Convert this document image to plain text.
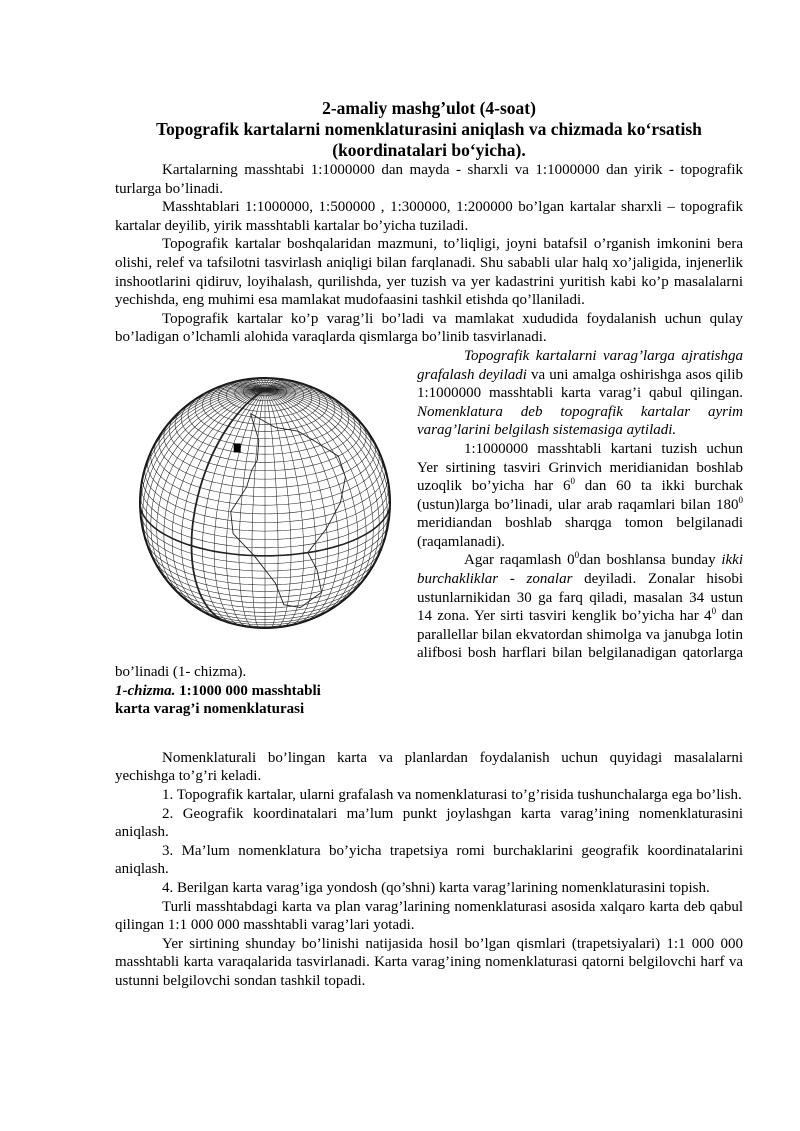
2-amaliy mashg’ulot (4-soat)

Topografik kartalarni nomenklaturasini aniqlash va chizmada koʻrsatish

(koordinatalari boʻyicha).

Kartalarning masshtabi 1:1000000 dan mayda - sharxli va 1:1000000 dan yirik - topografik turlarga bo’linadi.

Masshtablari 1:1000000, 1:500000 , 1:300000, 1:200000 bo’lgan kartalar sharxli – topografik kartalar deyilib, yirik masshtabli kartalar bo’yicha tuziladi.

Topografik kartalar boshqalaridan mazmuni, to’liqligi, joyni batafsil o’rganish imkonini bera olishi, relef va tafsilotni tasvirlash aniqligi bilan farqlanadi. Shu sababli ular halq xo’jaligida, injenerlik inshootlarini qidiruv, loyihalash, qurilishda, yer tuzish va yer kadastrini yuritish kabi ko’p masalalarni yechishda, eng muhimi esa mamlakat mudofaasini tashkil etishda qo’llaniladi.

Topografik kartalar ko’p varag’li bo’ladi va mamlakat xududida foydalanish uchun qulay bo’ladigan o’lchamli alohida varaqlarda qismlarga bo’linib tasvirlanadi.

Topografik kartalarni varag’larga ajratishga grafalash deyiladi va uni amalga oshirishga asos qilib 1:1000000 masshtabli karta varag’i qabul qilingan. Nomenklatura deb topografik kartalar ayrim varag’larini belgilash sistemasiga aytiladi.

1:1000000 masshtabli kartani tuzish uchun Yer sirtining tasviri Grinvich meridianidan boshlab uzoqlik bo’yicha har $6^0$ dan 60 ta ikki burchak (ustun)larga bo’linadi, ular arab raqamlari bilan $180^0$ meridiandan boshlab sharqga tomon belgilanadi (raqamlanadi).

Agar raqamlash $0^0dan$ boshlansa bunday ikki burchakliklar - zonalar deyiladi. Zonalar hisobi ustunlarnikidan 30 ga farq qiladi, masalan 34 ustun 14 zona. Yer sirti tasviri kenglik bo’yicha har $4^0$ dan parallellar bilan ekvatordan shimolga va janubga lotin alifbosi bosh harflari bilan belgilanadigan qatorlarga bo’linadi (1- chizma).

1-chizma. 1:1000 000 masshtabli

karta varag’i nomenklaturasi

Nomenklaturali bo’lingan karta va planlardan foydalanish uchun quyidagi masalalarni yechishga to’g’ri keladi.

1. Topografik kartalar, ularni grafalash va nomenklaturasi to’g’risida tushunchalarga ega bo’lish.

2. Geografik koordinatalari ma’lum punkt joylashgan karta varag’ining nomenklaturasini aniqlash.

3. Ma’lum nomenklatura bo’yicha trapetsiya romi burchaklarini geografik koordinatalarini aniqlash.

4. Berilgan karta varag’iga yondosh (qo’shni) karta varag’larining nomenklaturasini topish.

Turli masshtabdagi karta va plan varag’larining nomenklaturasi asosida xalqaro karta deb qabul qilingan 1:1 000 000 masshtabli varag’lari yotadi.

Yer sirtining shunday bo’linishi natijasida hosil bo’lgan qismlari (trapetsiyalari) 1:1 000 000 masshtabli karta varaqalarida tasvirlanadi. Karta varag’ining nomenklaturasi qatorni belgilovchi harf va ustunni belgilovchi sondan tashkil topadi.
